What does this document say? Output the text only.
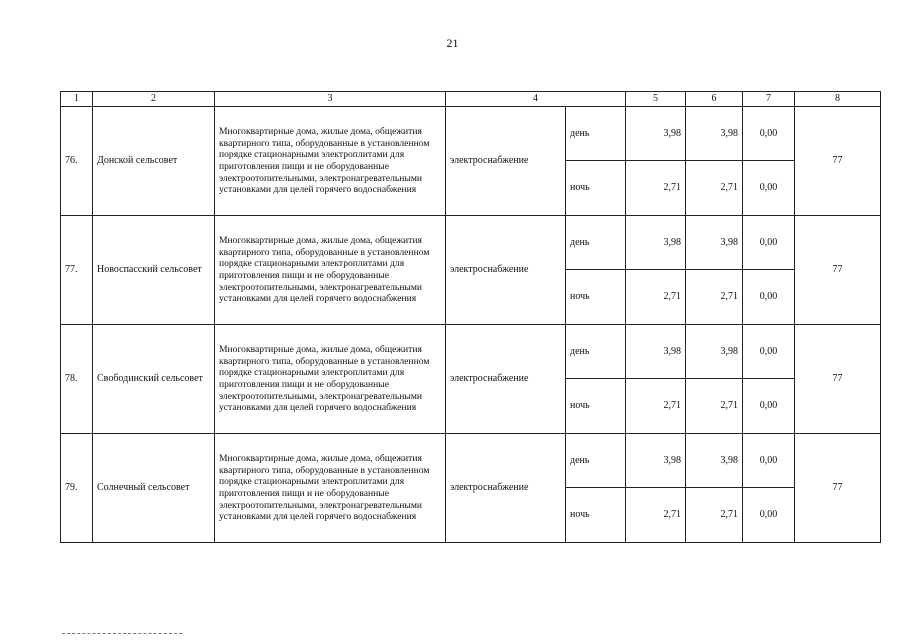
21
1	2	3	4		5	6	7	8
76.	Донской сельсовет	Многоквартирные дома, жилые дома, общежития квартирного типа, оборудованные в установленном порядке стационарными электроплитами для приготовления пищи и не оборудованные электроотопительными, электронагревательными установками для целей горячего водоснабжения	электроснабжение	день	3,98	3,98	0,00	77
				ночь	2,71	2,71	0,00	
77.	Новоспасский сельсовет	Многоквартирные дома, жилые дома, общежития квартирного типа, оборудованные в установленном порядке стационарными электроплитами для приготовления пищи и не оборудованные электроотопительными, электронагревательными установками для целей горячего водоснабжения	электроснабжение	день	3,98	3,98	0,00	77
				ночь	2,71	2,71	0,00	
78.	Свободинский сельсовет	Многоквартирные дома, жилые дома, общежития квартирного типа, оборудованные в установленном порядке стационарными электроплитами для приготовления пищи и не оборудованные электроотопительными, электронагревательными установками для целей горячего водоснабжения	электроснабжение	день	3,98	3,98	0,00	77
				ночь	2,71	2,71	0,00	
79.	Солнечный сельсовет	Многоквартирные дома, жилые дома, общежития квартирного типа, оборудованные в установленном порядке стационарными электроплитами для приготовления пищи и не оборудованные электроотопительными, электронагревательными установками для целей горячего водоснабжения	электроснабжение	день	3,98	3,98	0,00	77
				ночь	2,71	2,71	0,00	
